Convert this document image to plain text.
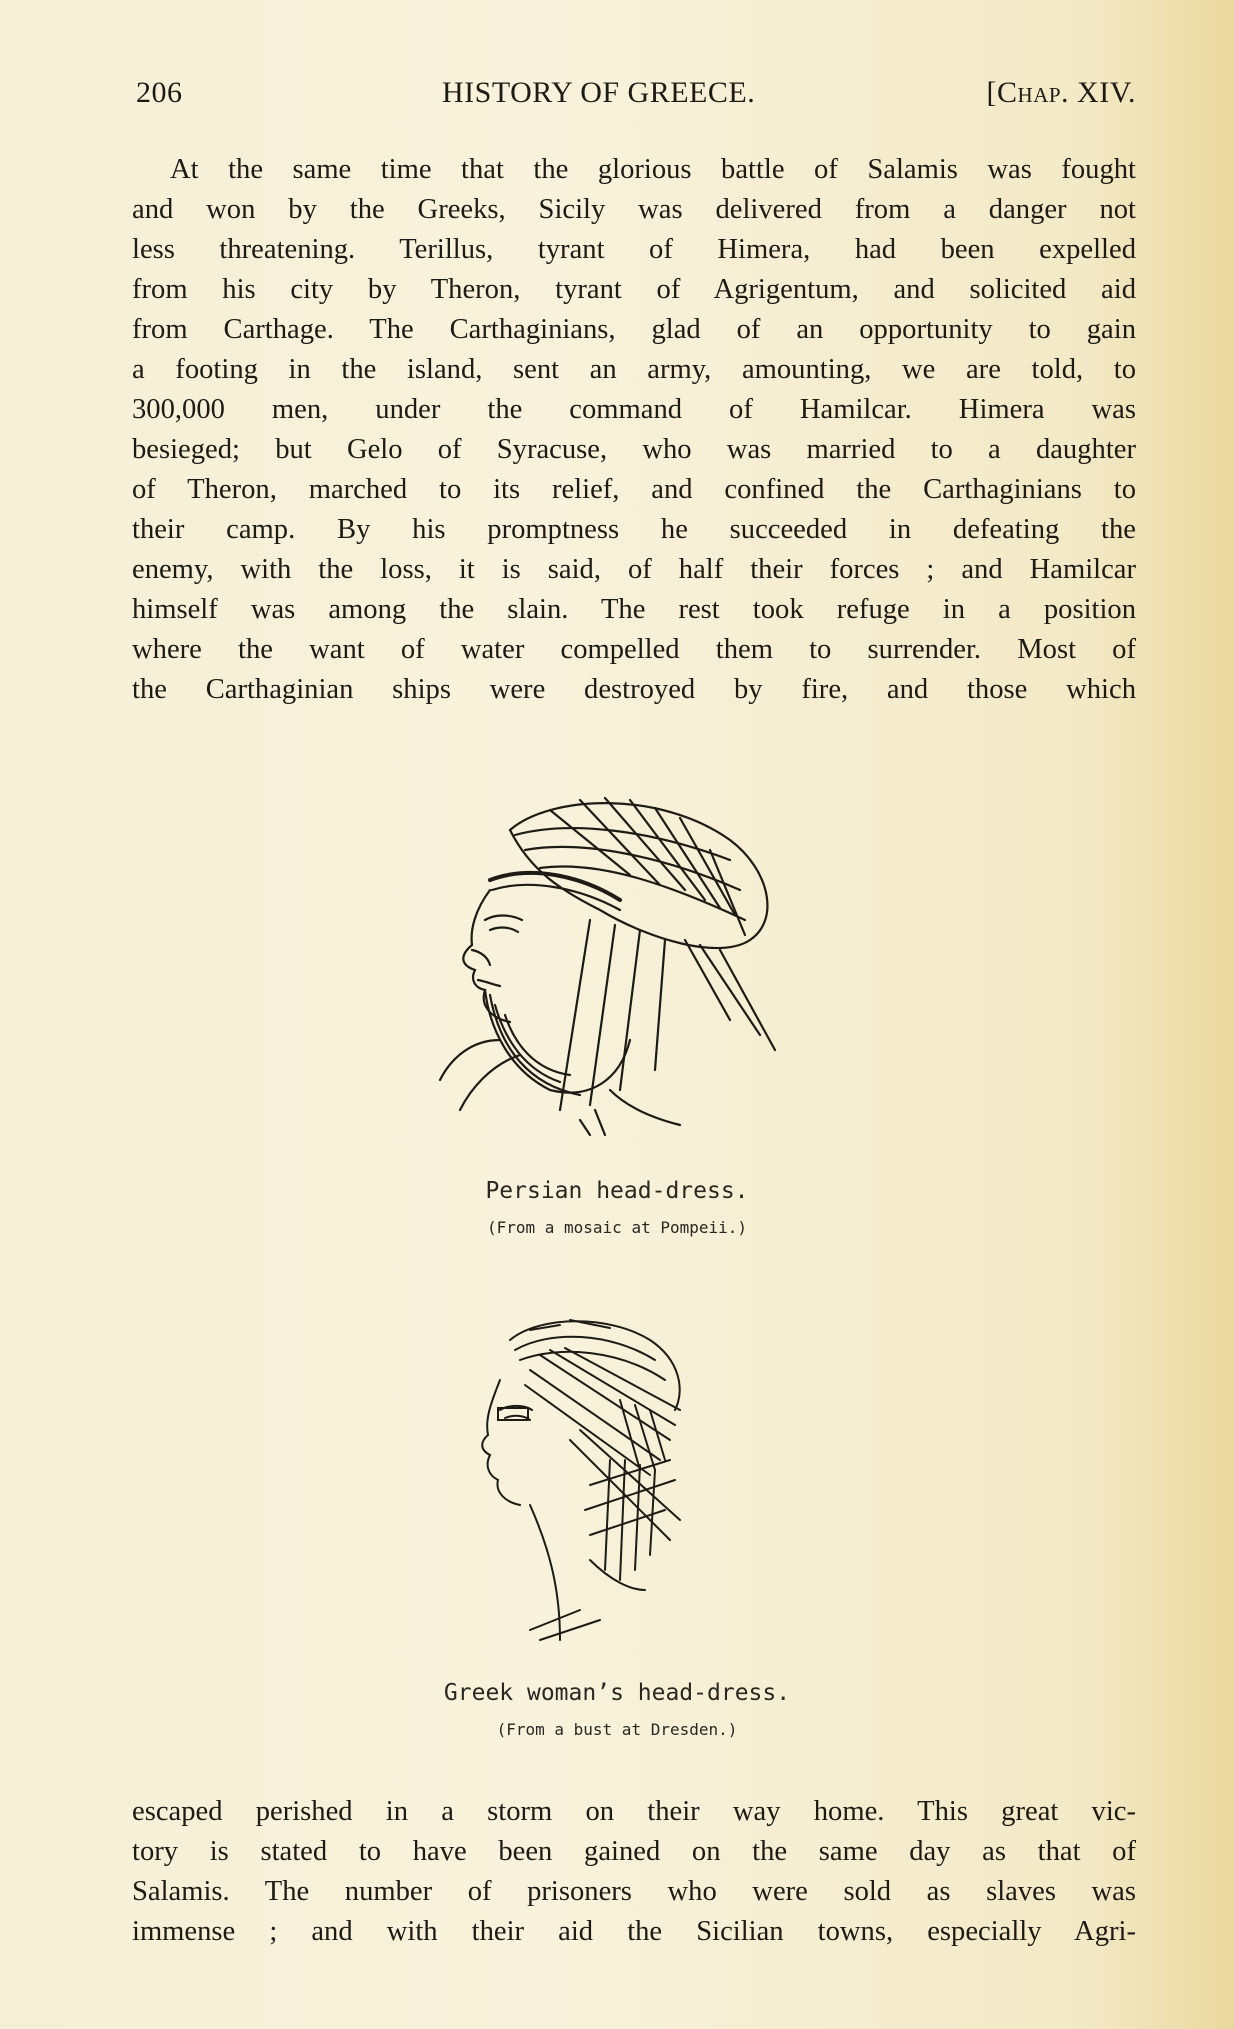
206	HISTORY OF GREECE.	[Chap. XIV.
At the same time that the glorious battle of Salamis was fought
and won by the Greeks, Sicily was delivered from a danger not
less threatening. Terillus, tyrant of Himera, had been expelled
from his city by Theron, tyrant of Agrigentum, and solicited aid
from Carthage. The Carthaginians, glad of an opportunity to gain
a footing in the island, sent an army, amounting, we are told, to
300,000 men, under the command of Hamilcar. Himera was
besieged; but Gelo of Syracuse, who was married to a daughter
of Theron, marched to its relief, and confined the Carthaginians to
their camp. By his promptness he succeeded in defeating the
enemy, with the loss, it is said, of half their forces ; and Hamilcar
himself was among the slain. The rest took refuge in a position
where the want of water compelled them to surrender. Most of
the Carthaginian ships were destroyed by fire, and those which
Persian head-dress.
(From a mosaic at Pompeii.)
Greek woman’s head-dress.
(From a bust at Dresden.)
escaped perished in a storm on their way home. This great vic-
tory is stated to have been gained on the same day as that of
Salamis. The number of prisoners who were sold as slaves was
immense ; and with their aid the Sicilian towns, especially Agri-
